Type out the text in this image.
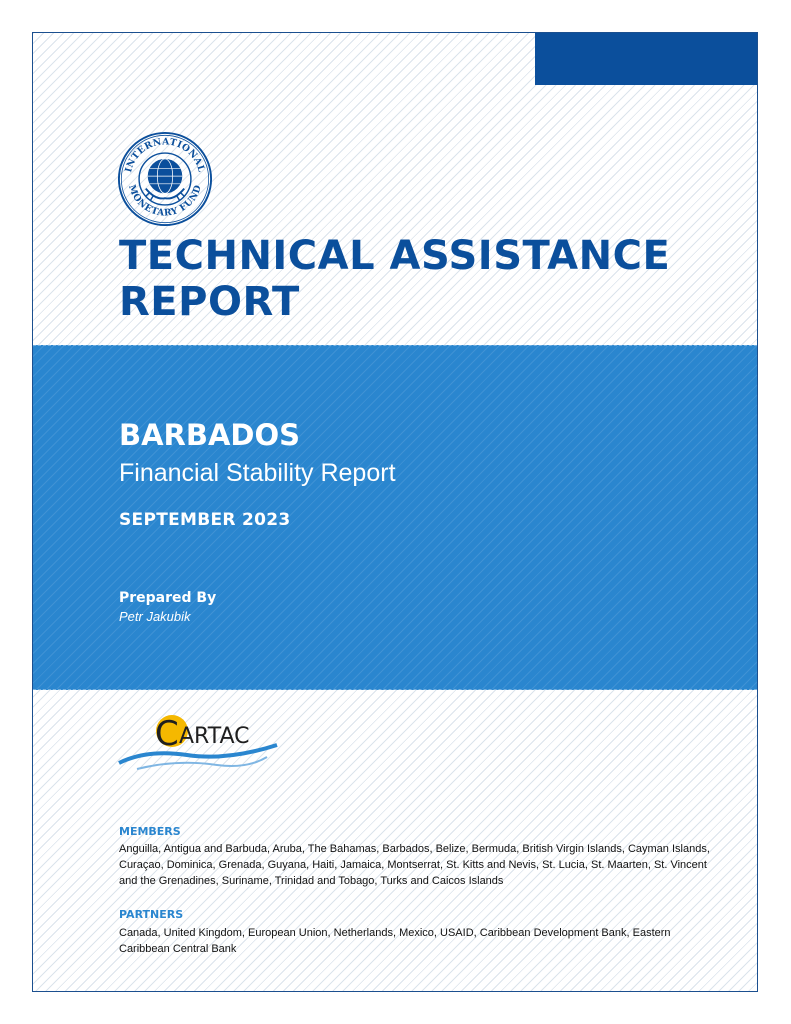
INTERNATIONAL
MONETARY FUND
TECHNICAL ASSISTANCE
REPORT
BARBADOS
Financial Stability Report
SEPTEMBER 2023
Prepared By
Petr Jakubik
C ARTAC
MEMBERS

Anguilla, Antigua and Barbuda, Aruba, The Bahamas, Barbados, Belize, Bermuda, British Virgin Islands, Cayman Islands, Curaçao, Dominica, Grenada, Guyana, Haiti, Jamaica, Montserrat, St. Kitts and Nevis, St. Lucia, St. Maarten, St. Vincent and the Grenadines, Suriname, Trinidad and Tobago, Turks and Caicos Islands

PARTNERS

Canada, United Kingdom, European Union, Netherlands, Mexico, USAID, Caribbean Development Bank, Eastern Caribbean Central Bank
